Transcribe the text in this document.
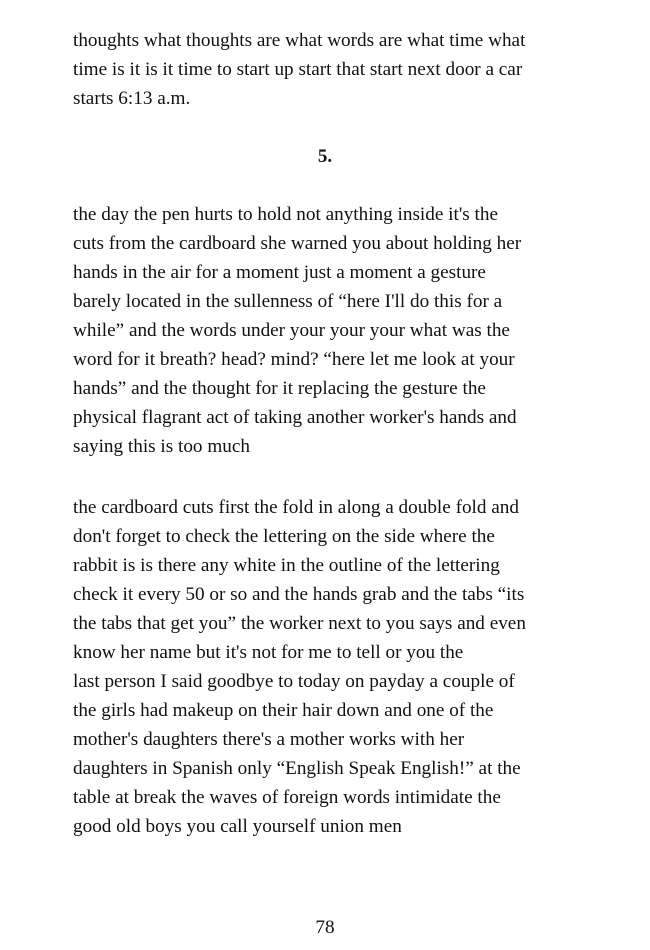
thoughts what thoughts are what words are what time what
time is it is it time to start up start that start next door a car
starts 6:13 a.m.
5.
the day the pen hurts to hold not anything inside it's the
cuts from the cardboard she warned you about holding her
hands in the air for a moment just a moment a gesture
barely located in the sullenness of “here I'll do this for a
while” and the words under your your your what was the
word for it breath? head? mind? “here let me look at your
hands” and the thought for it replacing the gesture the
physical flagrant act of taking another worker's hands and
saying this is too much
the cardboard cuts first the fold in along a double fold and
don't forget to check the lettering on the side where the
rabbit is is there any white in the outline of the lettering
check it every 50 or so and the hands grab and the tabs “its
the tabs that get you” the worker next to you says and even
know her name but it's not for me to tell or you the
last person I said goodbye to today on payday a couple of
the girls had makeup on their hair down and one of the
mother's daughters there's a mother works with her
daughters in Spanish only “English Speak English!” at the
table at break the waves of foreign words intimidate the
good old boys you call yourself union men
78
